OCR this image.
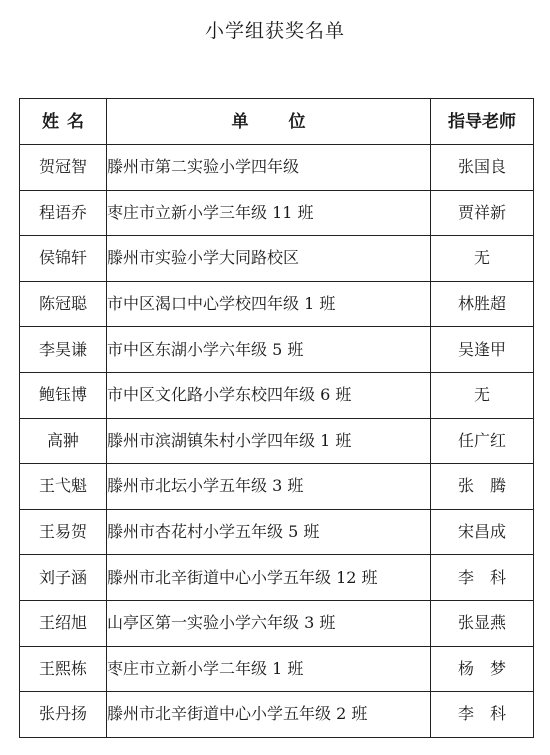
小学组获奖名单
姓名	单位	指导老师
贺冠智	滕州市第二实验小学四年级	张国良
程语乔	枣庄市立新小学三年级 11 班	贾祥新
侯锦轩	滕州市实验小学大同路校区	无
陈冠聪	市中区渴口中心学校四年级 1 班	林胜超
李昊谦	市中区东湖小学六年级 5 班	吴逢甲
鲍钰博	市中区文化路小学东校四年级 6 班	无
高翀	滕州市滨湖镇朱村小学四年级 1 班	任广红
王弋魁	滕州市北坛小学五年级 3 班	张　腾
王易贺	滕州市杏花村小学五年级 5 班	宋昌成
刘子涵	滕州市北辛街道中心小学五年级 12 班	李　科
王绍旭	山亭区第一实验小学六年级 3 班	张显燕
王熙栋	枣庄市立新小学二年级 1 班	杨　梦
张丹扬	滕州市北辛街道中心小学五年级 2 班	李　科
